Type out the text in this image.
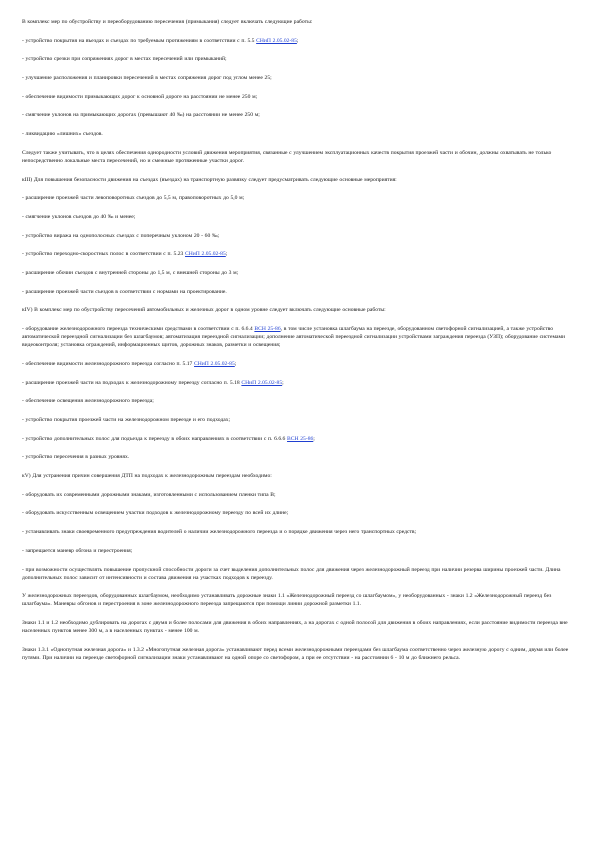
В комплекс мер по обустройству и переоборудованию пересечения (примыкания) следует включать следующие работы:

- устройство покрытия на въездах и съездах по требуемым протяжениям в соответствии с п. 5.5 СНиП 2.05.02-85;

- устройство срезки при сопряжениях дорог в местах пересечений или примыканий;

- улучшение расположения и планировки пересечений в местах сопряжения дорог под углом менее 25;

- обеспечение видимости примыкающих дорог к основной дороге на расстоянии не менее 250 м;

- смягчение уклонов на примыкающих дорогах (превышают 40 ‰) на расстоянии не менее 250 м;

- ликвидацию «лишних» съездов.

Следует также учитывать, что в целях обеспечения однородности условий движения мероприятия, связанные с улучшением эксплуатационных качеств покрытия проезжей части и обочин, должны охватывать не только непосредственно локальные места пересечений, но и смежные протяженные участки дорог.

кIII) Для повышения безопасности движения на съездах (въездах) на транспортную развязку следует предусматривать следующие основные мероприятия:

- расширение проезжей части левоповоротных съездов до 5,5 м, правоповоротных до 5,0 м;

- смягчение уклонов съездов до 40 ‰ и менее;

- устройство виража на однополосных съездах с поперечным уклоном 20 - 60 ‰;

- устройство переходно-скоростных полос в соответствии с п. 5.23 СНиП 2.05.02-85;

- расширение обочин съездов с внутренней стороны до 1,5 м, с внешней стороны до 3 м;

- расширение проезжей части съездов в соответствии с нормами на проектирование.

кIV) В комплекс мер по обустройству пересечений автомобильных и железных дорог в одном уровне следует включать следующие основные работы:

- оборудование железнодорожного переезда техническими средствами в соответствии с п. 6.6.4 ВСН 25-86, в том числе установка шлагбаума на переезде, оборудованном светофорной сигнализацией, а также устройство автоматической переездной сигнализации без шлагбаумов; автоматизация переездной сигнализации; дополнение автоматической переездной сигнализации устройствами заграждения переезда (УЗП); оборудование системами видеоконтроля; установка ограждений, информационных щитов, дорожных знаков, разметки и освещения;

- обеспечение видимости железнодорожного переезда согласно п. 5.17 СНиП 2.05.02-85;

- расширение проезжей части на подходах к железнодорожному переезду согласно п. 5.18 СНиП 2.05.02-85;

- обеспечение освещения железнодорожного переезда;

- устройство покрытия проезжей части на железнодорожном переезде и его подходах;

- устройство дополнительных полос для подъезда к переезду в обоих направлениях в соответствии с п. 6.6.6 ВСН 25-86;

- устройство пересечения в разных уровнях.

кV) Для устранения причин совершения ДТП на подходах к железнодорожным переездам необходимо:

- оборудовать их современными дорожными знаками, изготовленными с использованием пленки типа В;

- оборудовать искусственным освещением участки подходов к железнодорожному переезду по всей их длине;

- устанавливать знаки своевременного предупреждения водителей о наличии железнодорожного переезда и о порядке движения через него транспортных средств;

- запрещается маневр обгона и перестроения;

- при возможности осуществлять повышение пропускной способности дороги за счет выделения дополнительных полос для движения через железнодорожный переезд при наличии резерва ширины проезжей части. Длина дополнительных полос зависит от интенсивности и состава движения на участках подходов к переезду.

У железнодорожных переездов, оборудованных шлагбаумом, необходимо устанавливать дорожные знаки 1.1 «Железнодорожный переезд со шлагбаумом», у необорудованных - знаки 1.2 «Железнодорожный переезд без шлагбаума». Маневры обгонов и перестроения в зоне железнодорожного переезда запрещаются при помощи линии дорожной разметки 1.1.

Знаки 1.1 и 1.2 необходимо дублировать на дорогах с двумя и более полосами для движения в обоих направлениях, а на дорогах с одной полосой для движения в обоих направлениях, если расстояние видимости переезда вне населенных пунктов менее 300 м, а в населенных пунктах - менее 100 м.

Знаки 1.3.1 «Однопутная железная дорога» и 1.3.2 «Многопутная железная дорога» устанавливают перед всеми железнодорожными переездами без шлагбаума соответственно через железную дорогу с одним, двумя или более путями. При наличии на переезде светофорной сигнализации знаки устанавливают на одной опоре со светофором, а при ее отсутствии - на расстоянии 6 - 10 м до ближнего рельса.
